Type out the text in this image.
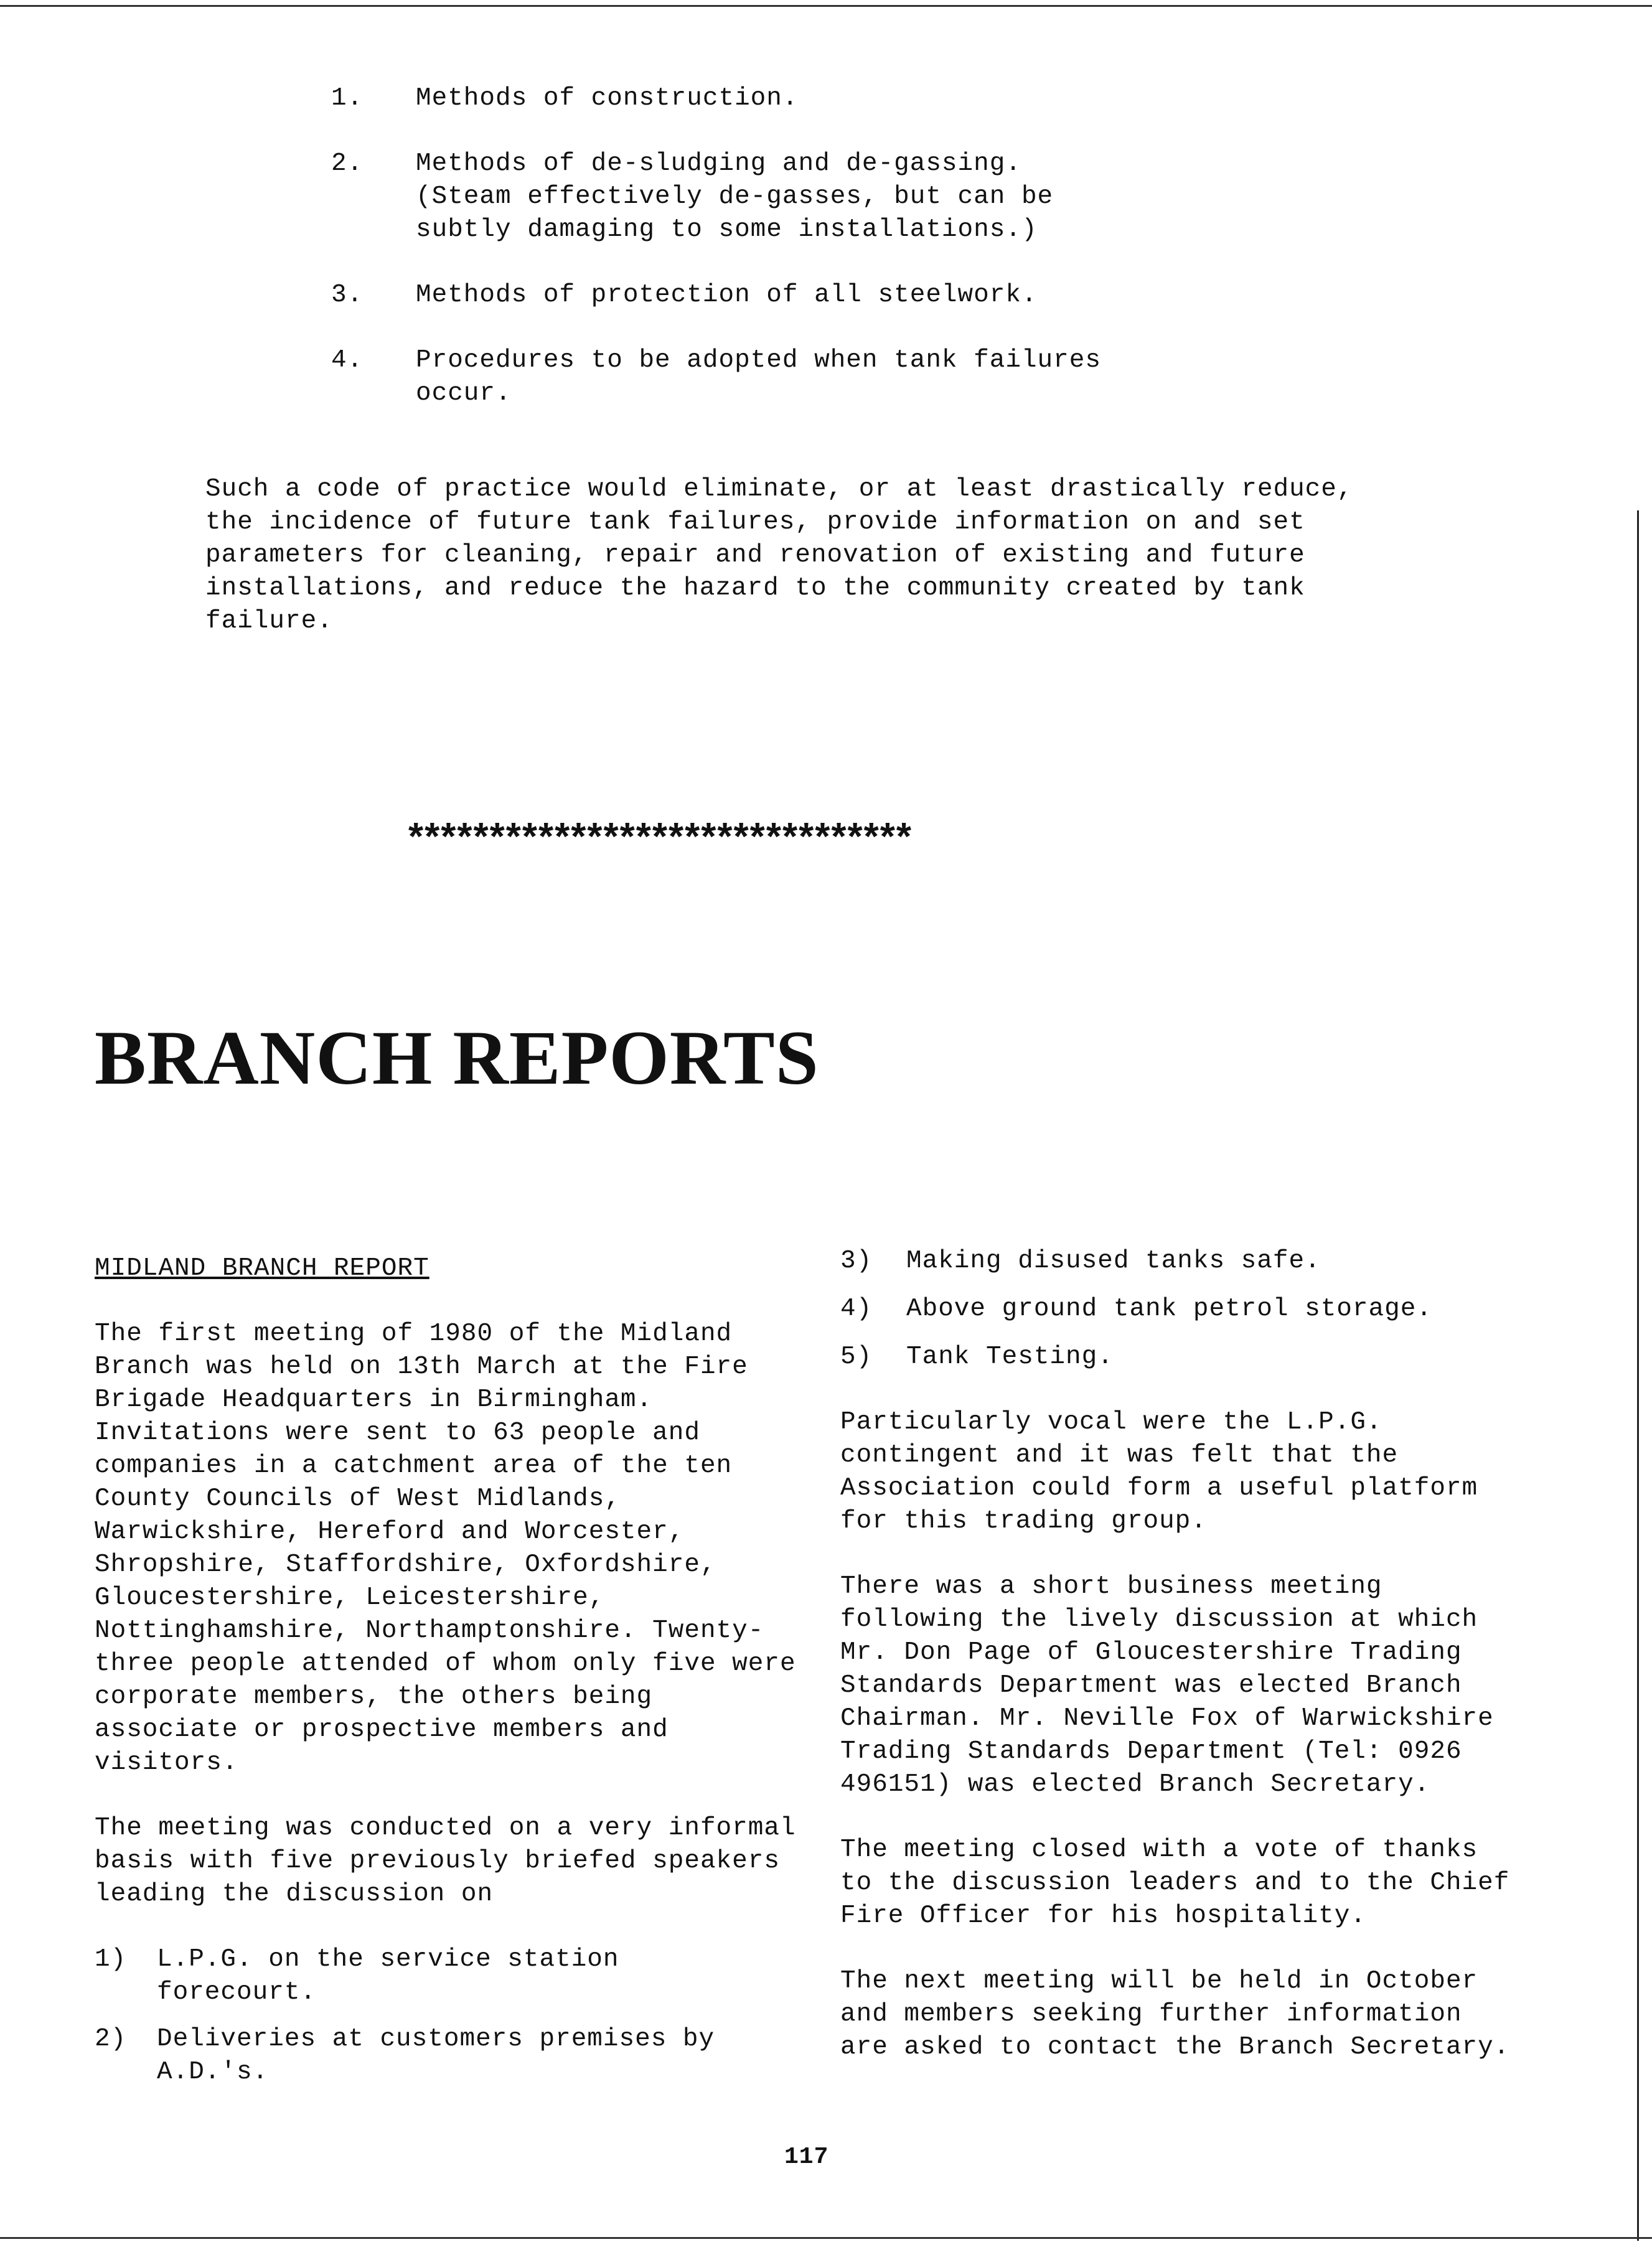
1.	Methods of construction.
2.	Methods of de-sludging and de-gassing. (Steam effectively de-gasses, but can be subtly damaging to some installations.)
3.	Methods of protection of all steelwork.
4.	Procedures to be adopted when tank failures occur.
Such a code of practice would eliminate, or at least drastically reduce, the incidence of future tank failures, provide information on and set parameters for cleaning, repair and renovation of existing and future installations, and reduce the hazard to the community created by tank failure.
*******************************
BRANCH REPORTS
MIDLAND BRANCH REPORT
The first meeting of 1980 of the Midland Branch was held on 13th March at the Fire Brigade Headquarters in Birmingham. Invitations were sent to 63 people and companies in a catchment area of the ten County Councils of West Midlands, Warwickshire, Hereford and Worcester, Shropshire, Staffordshire, Oxfordshire, Gloucestershire, Leicestershire, Nottinghamshire, Northamptonshire. Twenty-three people attended of whom only five were corporate members, the others being associate or prospective members and visitors.
The meeting was conducted on a very informal basis with five previously briefed speakers leading the discussion on
1)	L.P.G. on the service station forecourt.
2)	Deliveries at customers premises by A.D.'s.
3)	Making disused tanks safe.
4)	Above ground tank petrol storage.
5)	Tank Testing.
Particularly vocal were the L.P.G. contingent and it was felt that the Association could form a useful platform for this trading group.
There was a short business meeting following the lively discussion at which Mr. Don Page of Gloucestershire Trading Standards Department was elected Branch Chairman. Mr. Neville Fox of Warwickshire Trading Standards Department (Tel: 0926 496151) was elected Branch Secretary.
The meeting closed with a vote of thanks to the discussion leaders and to the Chief Fire Officer for his hospitality.
The next meeting will be held in October and members seeking further information are asked to contact the Branch Secretary.
117
